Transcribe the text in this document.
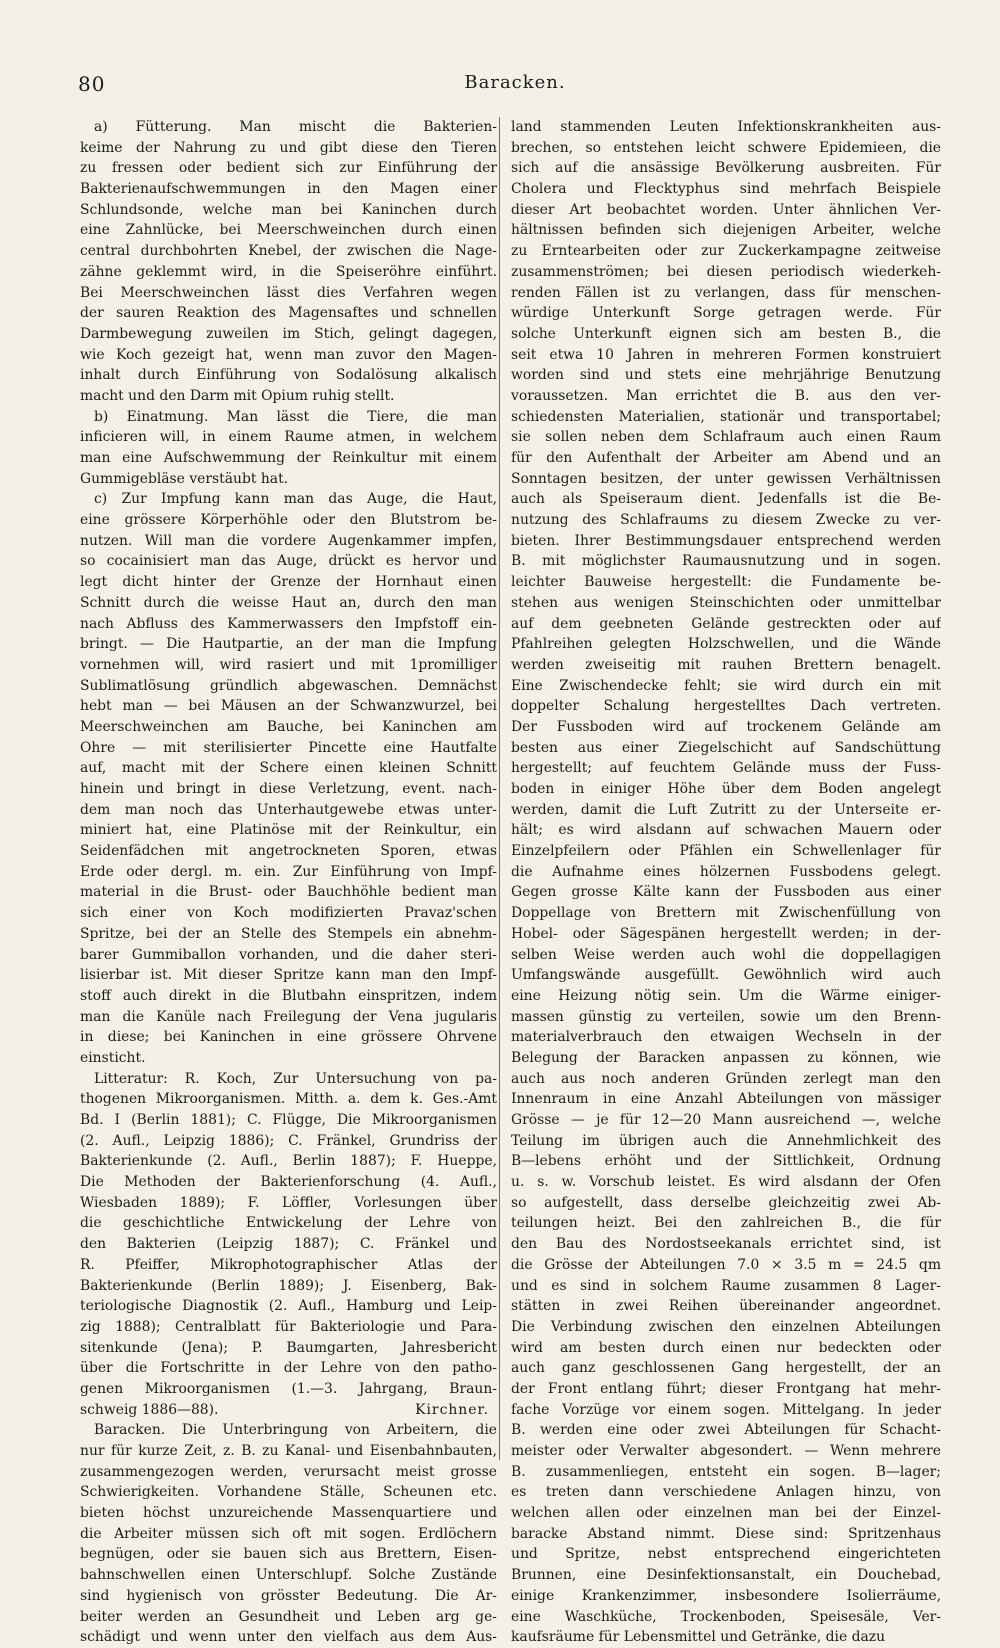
80	Baracken.
a) Fütterung. Man mischt die Bakterien-
keime der Nahrung zu und gibt diese den Tieren
zu fressen oder bedient sich zur Einführung der
Bakterienaufschwemmungen in den Magen einer
Schlundsonde, welche man bei Kaninchen durch
eine Zahnlücke, bei Meerschweinchen durch einen
central durchbohrten Knebel, der zwischen die Nage-
zähne geklemmt wird, in die Speiseröhre einführt.
Bei Meerschweinchen lässt dies Verfahren wegen
der sauren Reaktion des Magensaftes und schnellen
Darmbewegung zuweilen im Stich, gelingt dagegen,
wie Koch gezeigt hat, wenn man zuvor den Magen-
inhalt durch Einführung von Sodalösung alkalisch
macht und den Darm mit Opium ruhig stellt.
b) Einatmung. Man lässt die Tiere, die man
inficieren will, in einem Raume atmen, in welchem
man eine Aufschwemmung der Reinkultur mit einem
Gummigebläse verstäubt hat.
c) Zur Impfung kann man das Auge, die Haut,
eine grössere Körperhöhle oder den Blutstrom be-
nutzen. Will man die vordere Augenkammer impfen,
so cocainisiert man das Auge, drückt es hervor und
legt dicht hinter der Grenze der Hornhaut einen
Schnitt durch die weisse Haut an, durch den man
nach Abfluss des Kammerwassers den Impfstoff ein-
bringt. — Die Hautpartie, an der man die Impfung
vornehmen will, wird rasiert und mit 1promilliger
Sublimatlösung gründlich abgewaschen. Demnächst
hebt man — bei Mäusen an der Schwanzwurzel, bei
Meerschweinchen am Bauche, bei Kaninchen am
Ohre — mit sterilisierter Pincette eine Hautfalte
auf, macht mit der Schere einen kleinen Schnitt
hinein und bringt in diese Verletzung, event. nach-
dem man noch das Unterhautgewebe etwas unter-
miniert hat, eine Platinöse mit der Reinkultur, ein
Seidenfädchen mit angetrockneten Sporen, etwas
Erde oder dergl. m. ein. Zur Einführung von Impf-
material in die Brust- oder Bauchhöhle bedient man
sich einer von Koch modifizierten Pravaz'schen
Spritze, bei der an Stelle des Stempels ein abnehm-
barer Gummiballon vorhanden, und die daher steri-
lisierbar ist. Mit dieser Spritze kann man den Impf-
stoff auch direkt in die Blutbahn einspritzen, indem
man die Kanüle nach Freilegung der Vena jugularis
in diese; bei Kaninchen in eine grössere Ohrvene
einsticht.
Litteratur: R. Koch, Zur Untersuchung von pa-
thogenen Mikroorganismen. Mitth. a. dem k. Ges.-Amt
Bd. I (Berlin 1881); C. Flügge, Die Mikroorganismen
(2. Aufl., Leipzig 1886); C. Fränkel, Grundriss der
Bakterienkunde (2. Aufl., Berlin 1887); F. Hueppe,
Die Methoden der Bakterienforschung (4. Aufl.,
Wiesbaden 1889); F. Löffler, Vorlesungen über
die geschichtliche Entwickelung der Lehre von
den Bakterien (Leipzig 1887); C. Fränkel und
R. Pfeiffer, Mikrophotographischer Atlas der
Bakterienkunde (Berlin 1889); J. Eisenberg, Bak-
teriologische Diagnostik (2. Aufl., Hamburg und Leip-
zig 1888); Centralblatt für Bakteriologie und Para-
sitenkunde (Jena); P. Baumgarten, Jahresbericht
über die Fortschritte in der Lehre von den patho-
genen Mikroorganismen (1.—3. Jahrgang, Braun-
schweig 1886—88).	Kirchner.
Baracken. Die Unterbringung von Arbeitern, die
nur für kurze Zeit, z. B. zu Kanal- und Eisenbahnbauten,
zusammengezogen werden, verursacht meist grosse
Schwierigkeiten. Vorhandene Ställe, Scheunen etc.
bieten höchst unzureichende Massenquartiere und
die Arbeiter müssen sich oft mit sogen. Erdlöchern
begnügen, oder sie bauen sich aus Brettern, Eisen-
bahnschwellen einen Unterschlupf. Solche Zustände
sind hygienisch von grösster Bedeutung. Die Ar-
beiter werden an Gesundheit und Leben arg ge-
schädigt und wenn unter den vielfach aus dem Aus-
land stammenden Leuten Infektionskrankheiten aus-
brechen, so entstehen leicht schwere Epidemieen, die
sich auf die ansässige Bevölkerung ausbreiten. Für
Cholera und Flecktyphus sind mehrfach Beispiele
dieser Art beobachtet worden. Unter ähnlichen Ver-
hältnissen befinden sich diejenigen Arbeiter, welche
zu Erntearbeiten oder zur Zuckerkampagne zeitweise
zusammenströmen; bei diesen periodisch wiederkeh-
renden Fällen ist zu verlangen, dass für menschen-
würdige Unterkunft Sorge getragen werde. Für
solche Unterkunft eignen sich am besten B., die
seit etwa 10 Jahren in mehreren Formen konstruiert
worden sind und stets eine mehrjährige Benutzung
voraussetzen. Man errichtet die B. aus den ver-
schiedensten Materialien, stationär und transportabel;
sie sollen neben dem Schlafraum auch einen Raum
für den Aufenthalt der Arbeiter am Abend und an
Sonntagen besitzen, der unter gewissen Verhältnissen
auch als Speiseraum dient. Jedenfalls ist die Be-
nutzung des Schlafraums zu diesem Zwecke zu ver-
bieten. Ihrer Bestimmungsdauer entsprechend werden
B. mit möglichster Raumausnutzung und in sogen.
leichter Bauweise hergestellt: die Fundamente be-
stehen aus wenigen Steinschichten oder unmittelbar
auf dem geebneten Gelände gestreckten oder auf
Pfahlreihen gelegten Holzschwellen, und die Wände
werden zweiseitig mit rauhen Brettern benagelt.
Eine Zwischendecke fehlt; sie wird durch ein mit
doppelter Schalung hergestelltes Dach vertreten.
Der Fussboden wird auf trockenem Gelände am
besten aus einer Ziegelschicht auf Sandschüttung
hergestellt; auf feuchtem Gelände muss der Fuss-
boden in einiger Höhe über dem Boden angelegt
werden, damit die Luft Zutritt zu der Unterseite er-
hält; es wird alsdann auf schwachen Mauern oder
Einzelpfeilern oder Pfählen ein Schwellenlager für
die Aufnahme eines hölzernen Fussbodens gelegt.
Gegen grosse Kälte kann der Fussboden aus einer
Doppellage von Brettern mit Zwischenfüllung von
Hobel- oder Sägespänen hergestellt werden; in der-
selben Weise werden auch wohl die doppellagigen
Umfangswände ausgefüllt. Gewöhnlich wird auch
eine Heizung nötig sein. Um die Wärme einiger-
massen günstig zu verteilen, sowie um den Brenn-
materialverbrauch den etwaigen Wechseln in der
Belegung der Baracken anpassen zu können, wie
auch aus noch anderen Gründen zerlegt man den
Innenraum in eine Anzahl Abteilungen von mässiger
Grösse — je für 12—20 Mann ausreichend —, welche
Teilung im übrigen auch die Annehmlichkeit des
B—lebens erhöht und der Sittlichkeit, Ordnung
u. s. w. Vorschub leistet. Es wird alsdann der Ofen
so aufgestellt, dass derselbe gleichzeitig zwei Ab-
teilungen heizt. Bei den zahlreichen B., die für
den Bau des Nordostseekanals errichtet sind, ist
die Grösse der Abteilungen 7.0 × 3.5 m = 24.5 qm
und es sind in solchem Raume zusammen 8 Lager-
stätten in zwei Reihen übereinander angeordnet.
Die Verbindung zwischen den einzelnen Abteilungen
wird am besten durch einen nur bedeckten oder
auch ganz geschlossenen Gang hergestellt, der an
der Front entlang führt; dieser Frontgang hat mehr-
fache Vorzüge vor einem sogen. Mittelgang. In jeder
B. werden eine oder zwei Abteilungen für Schacht-
meister oder Verwalter abgesondert. — Wenn mehrere
B. zusammenliegen, entsteht ein sogen. B—lager;
es treten dann verschiedene Anlagen hinzu, von
welchen allen oder einzelnen man bei der Einzel-
baracke Abstand nimmt. Diese sind: Spritzenhaus
und Spritze, nebst entsprechend eingerichteten
Brunnen, eine Desinfektionsanstalt, ein Douchebad,
einige Krankenzimmer, insbesondere Isolierräume,
eine Waschküche, Trockenboden, Speisesäle, Ver-
kaufsräume für Lebensmittel und Getränke, die dazu
